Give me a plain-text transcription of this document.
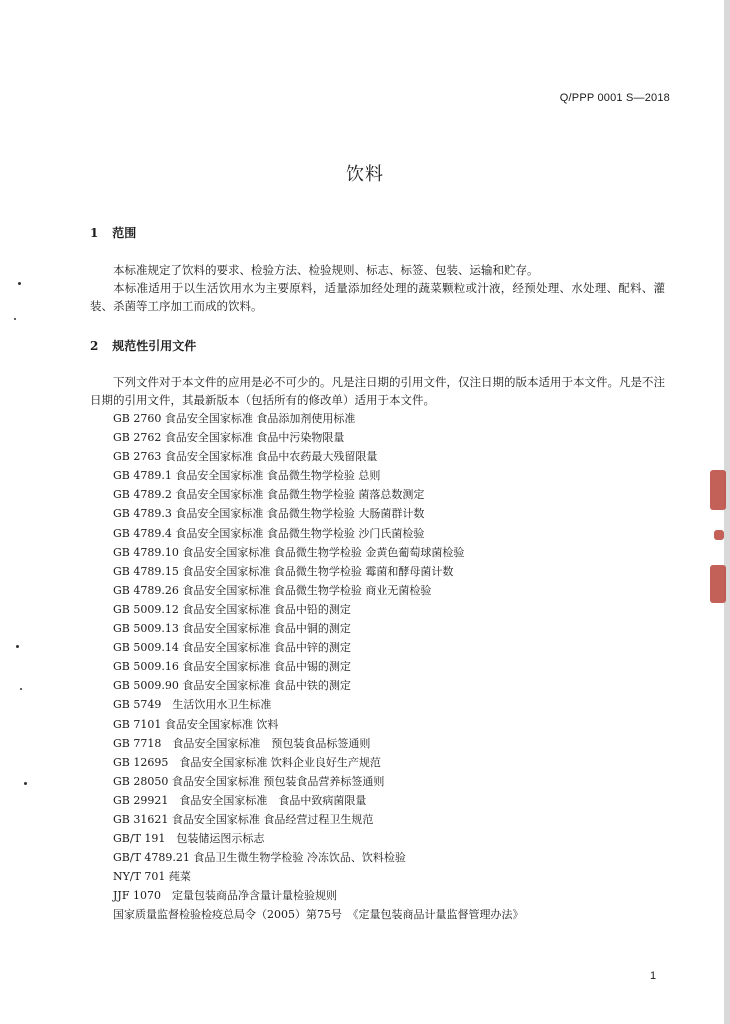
Q/PPP 0001 S—2018
饮料
1 范围
本标准规定了饮料的要求、检验方法、检验规则、标志、标签、包装、运输和贮存。
本标准适用于以生活饮用水为主要原料，适量添加经处理的蔬菜颗粒或汁液，经预处理、水处理、配料、灌装、杀菌等工序加工而成的饮料。
2 规范性引用文件
下列文件对于本文件的应用是必不可少的。凡是注日期的引用文件，仅注日期的版本适用于本文件。凡是不注日期的引用文件，其最新版本（包括所有的修改单）适用于本文件。
GB 2760 食品安全国家标准 食品添加剂使用标准
GB 2762 食品安全国家标准 食品中污染物限量
GB 2763 食品安全国家标准 食品中农药最大残留限量
GB 4789.1 食品安全国家标准 食品微生物学检验 总则
GB 4789.2 食品安全国家标准 食品微生物学检验 菌落总数测定
GB 4789.3 食品安全国家标准 食品微生物学检验 大肠菌群计数
GB 4789.4 食品安全国家标准 食品微生物学检验 沙门氏菌检验
GB 4789.10 食品安全国家标准 食品微生物学检验 金黄色葡萄球菌检验
GB 4789.15 食品安全国家标准 食品微生物学检验 霉菌和酵母菌计数
GB 4789.26 食品安全国家标准 食品微生物学检验 商业无菌检验
GB 5009.12 食品安全国家标准 食品中铅的测定
GB 5009.13 食品安全国家标准 食品中铜的测定
GB 5009.14 食品安全国家标准 食品中锌的测定
GB 5009.16 食品安全国家标准 食品中锡的测定
GB 5009.90 食品安全国家标准 食品中铁的测定
GB 5749　生活饮用水卫生标准
GB 7101 食品安全国家标准 饮料
GB 7718　食品安全国家标准　预包装食品标签通则
GB 12695　食品安全国家标准 饮料企业良好生产规范
GB 28050 食品安全国家标准 预包装食品营养标签通则
GB 29921　食品安全国家标准　食品中致病菌限量
GB 31621 食品安全国家标准 食品经营过程卫生规范
GB/T 191　包装储运图示标志
GB/T 4789.21 食品卫生微生物学检验 冷冻饮品、饮料检验
NY/T 701 莼菜
JJF 1070　定量包装商品净含量计量检验规则
国家质量监督检验检疫总局令（2005）第75号　《定量包装商品计量监督管理办法》
1
